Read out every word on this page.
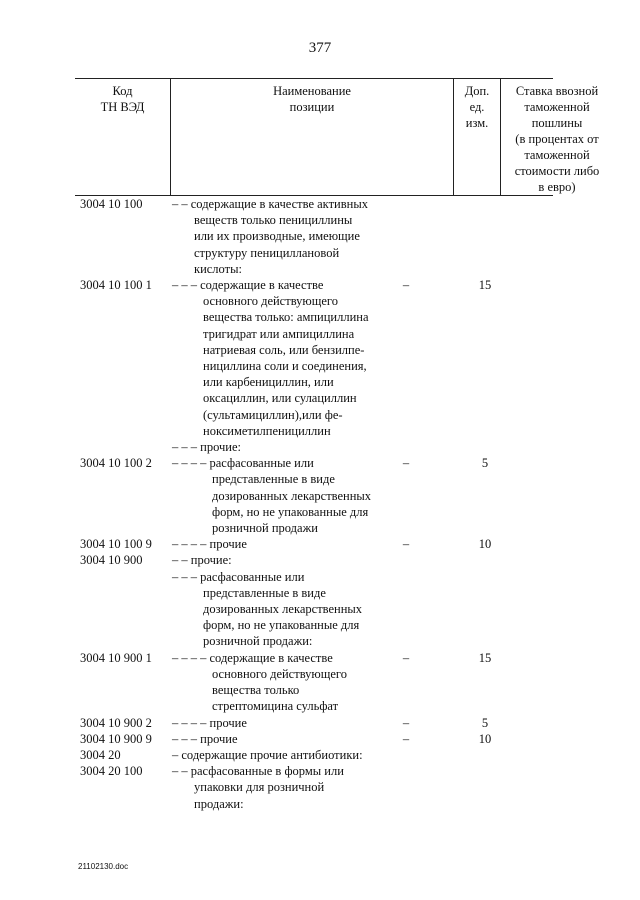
377
Код
ТН ВЭД
Наименование
позиции
Доп.
ед.
изм.
Ставка ввозной
таможенной
пошлины
(в процентах от
таможенной
стоимости либо
в евро)
3004 10 100	– – содержащие в качестве активных
веществ только пенициллины
или их производные, имеющие
структуру пенициллановой
кислоты:
3004 10 100 1	– – – содержащие в качестве
основного действующего
вещества только: ампициллина
тригидрат или ампициллина
натриевая соль, или бензилпе-
нициллина соли и соединения,
или карбенициллин, или
оксациллин, или сулациллин
(сультамициллин),или фе-
ноксиметилпенициллин
–	15
– – – прочие:
3004 10 100 2	– – – – расфасованные или
представленные в виде
дозированных лекарственных
форм, но не упакованные для
розничной продажи
–	5
3004 10 100 9	– – – – прочие	–	10
3004 10 900	– – прочие:
– – – расфасованные или
представленные в виде
дозированных лекарственных
форм, но не упакованные для
розничной продажи:
3004 10 900 1	– – – – содержащие в качестве
основного действующего
вещества только
стрептомицина сульфат
–	15
3004 10 900 2	– – – – прочие	–	5
3004 10 900 9	– – – прочие	–	10
3004 20	– содержащие прочие антибиотики:
3004 20 100	– – расфасованные в формы или
упаковки для розничной
продажи:
21102130.doc
